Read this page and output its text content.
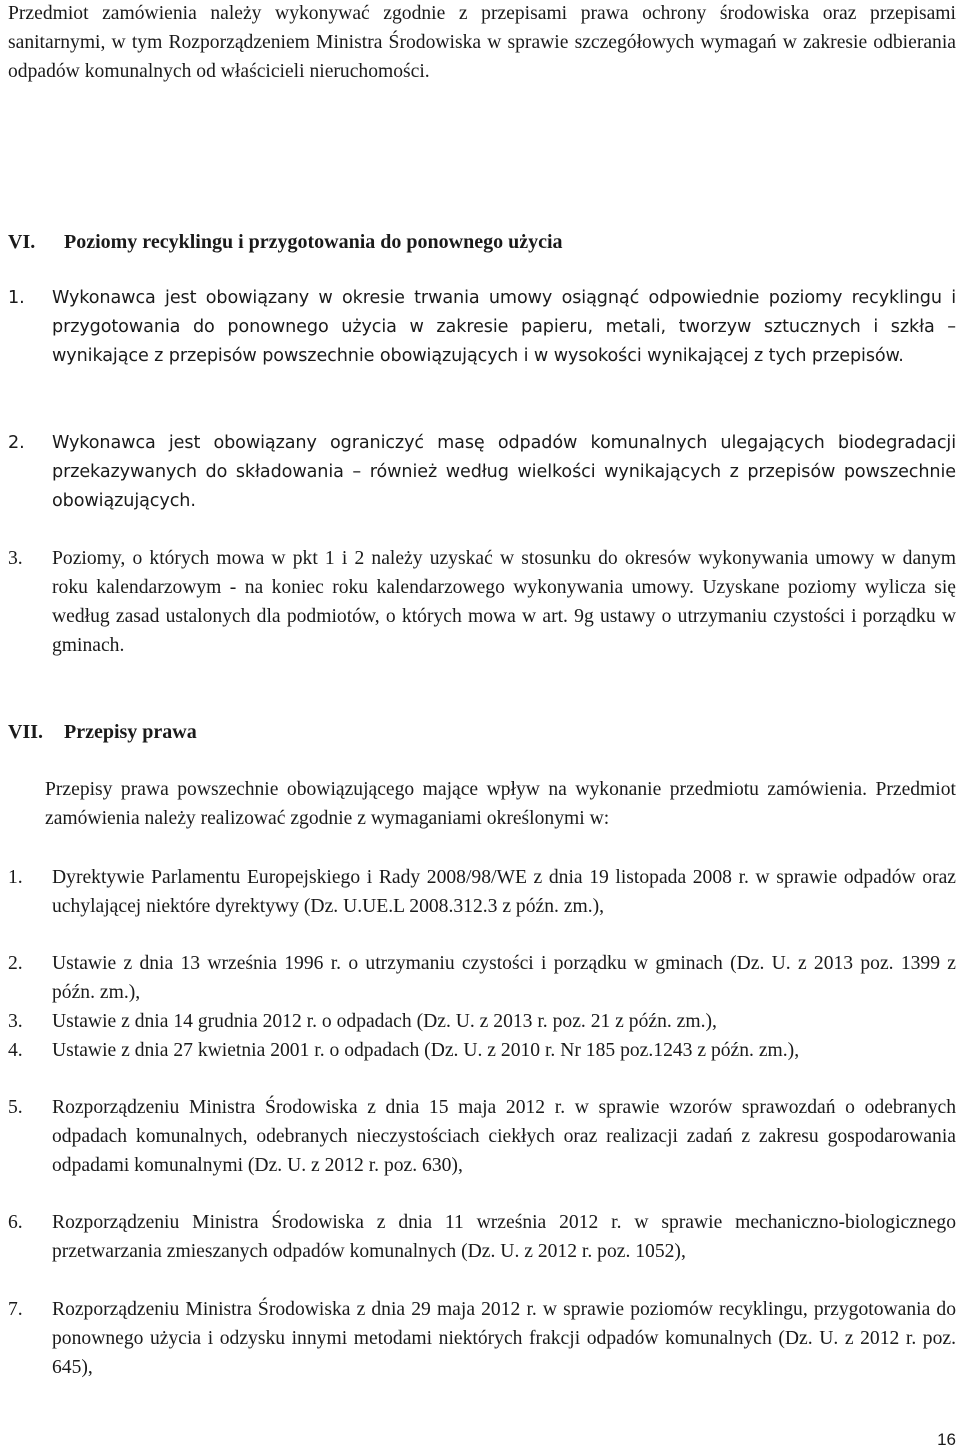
Przedmiot zamówienia należy wykonywać zgodnie z przepisami prawa ochrony środowiska oraz przepisami sanitarnymi, w tym Rozporządzeniem Ministra Środowiska w sprawie szczegółowych wymagań w zakresie odbierania odpadów komunalnych od właścicieli nieruchomości.

VI. Poziomy recyklingu i przygotowania do ponownego użycia
1. Wykonawca jest obowiązany w okresie trwania umowy osiągnąć odpowiednie poziomy recyklingu i przygotowania do ponownego użycia w zakresie papieru, metali, tworzyw sztucznych i szkła – wynikające z przepisów powszechnie obowiązujących i w wysokości wynikającej z tych przepisów.
2. Wykonawca jest obowiązany ograniczyć masę odpadów komunalnych ulegających biodegradacji przekazywanych do składowania – również według wielkości wynikających z przepisów powszechnie obowiązujących.
3. Poziomy, o których mowa w pkt 1 i 2 należy uzyskać w stosunku do okresów wykonywania umowy w danym roku kalendarzowym - na koniec roku kalendarzowego wykonywania umowy. Uzyskane poziomy wylicza się według zasad ustalonych dla podmiotów, o których mowa w art. 9g ustawy o utrzymaniu czystości i porządku w gminach.
VII. Przepisy prawa

Przepisy prawa powszechnie obowiązującego mające wpływ na wykonanie przedmiotu zamówienia. Przedmiot zamówienia należy realizować zgodnie z wymaganiami określonymi w:

1. Dyrektywie Parlamentu Europejskiego i Rady 2008/98/WE z dnia 19 listopada 2008 r. w sprawie odpadów oraz uchylającej niektóre dyrektywy (Dz. U.UE.L 2008.312.3 z późn. zm.),
2. Ustawie z dnia 13 września 1996 r. o utrzymaniu czystości i porządku w gminach (Dz. U. z 2013 poz. 1399 z późn. zm.),
3. Ustawie z dnia 14 grudnia 2012 r. o odpadach (Dz. U. z 2013 r. poz. 21 z późn. zm.),
4. Ustawie z dnia 27 kwietnia 2001 r. o odpadach (Dz. U. z 2010 r. Nr 185 poz.1243 z późn. zm.),
5. Rozporządzeniu Ministra Środowiska z dnia 15 maja 2012 r. w sprawie wzorów sprawozdań o odebranych odpadach komunalnych, odebranych nieczystościach ciekłych oraz realizacji zadań z zakresu gospodarowania odpadami komunalnymi (Dz. U. z 2012 r. poz. 630),
6. Rozporządzeniu Ministra Środowiska z dnia 11 września 2012 r. w sprawie mechaniczno-biologicznego przetwarzania zmieszanych odpadów komunalnych (Dz. U. z 2012 r. poz. 1052),
7. Rozporządzeniu Ministra Środowiska z dnia 29 maja 2012 r. w sprawie poziomów recyklingu, przygotowania do ponownego użycia i odzysku innymi metodami niektórych frakcji odpadów komunalnych (Dz. U. z 2012 r. poz. 645),
16
